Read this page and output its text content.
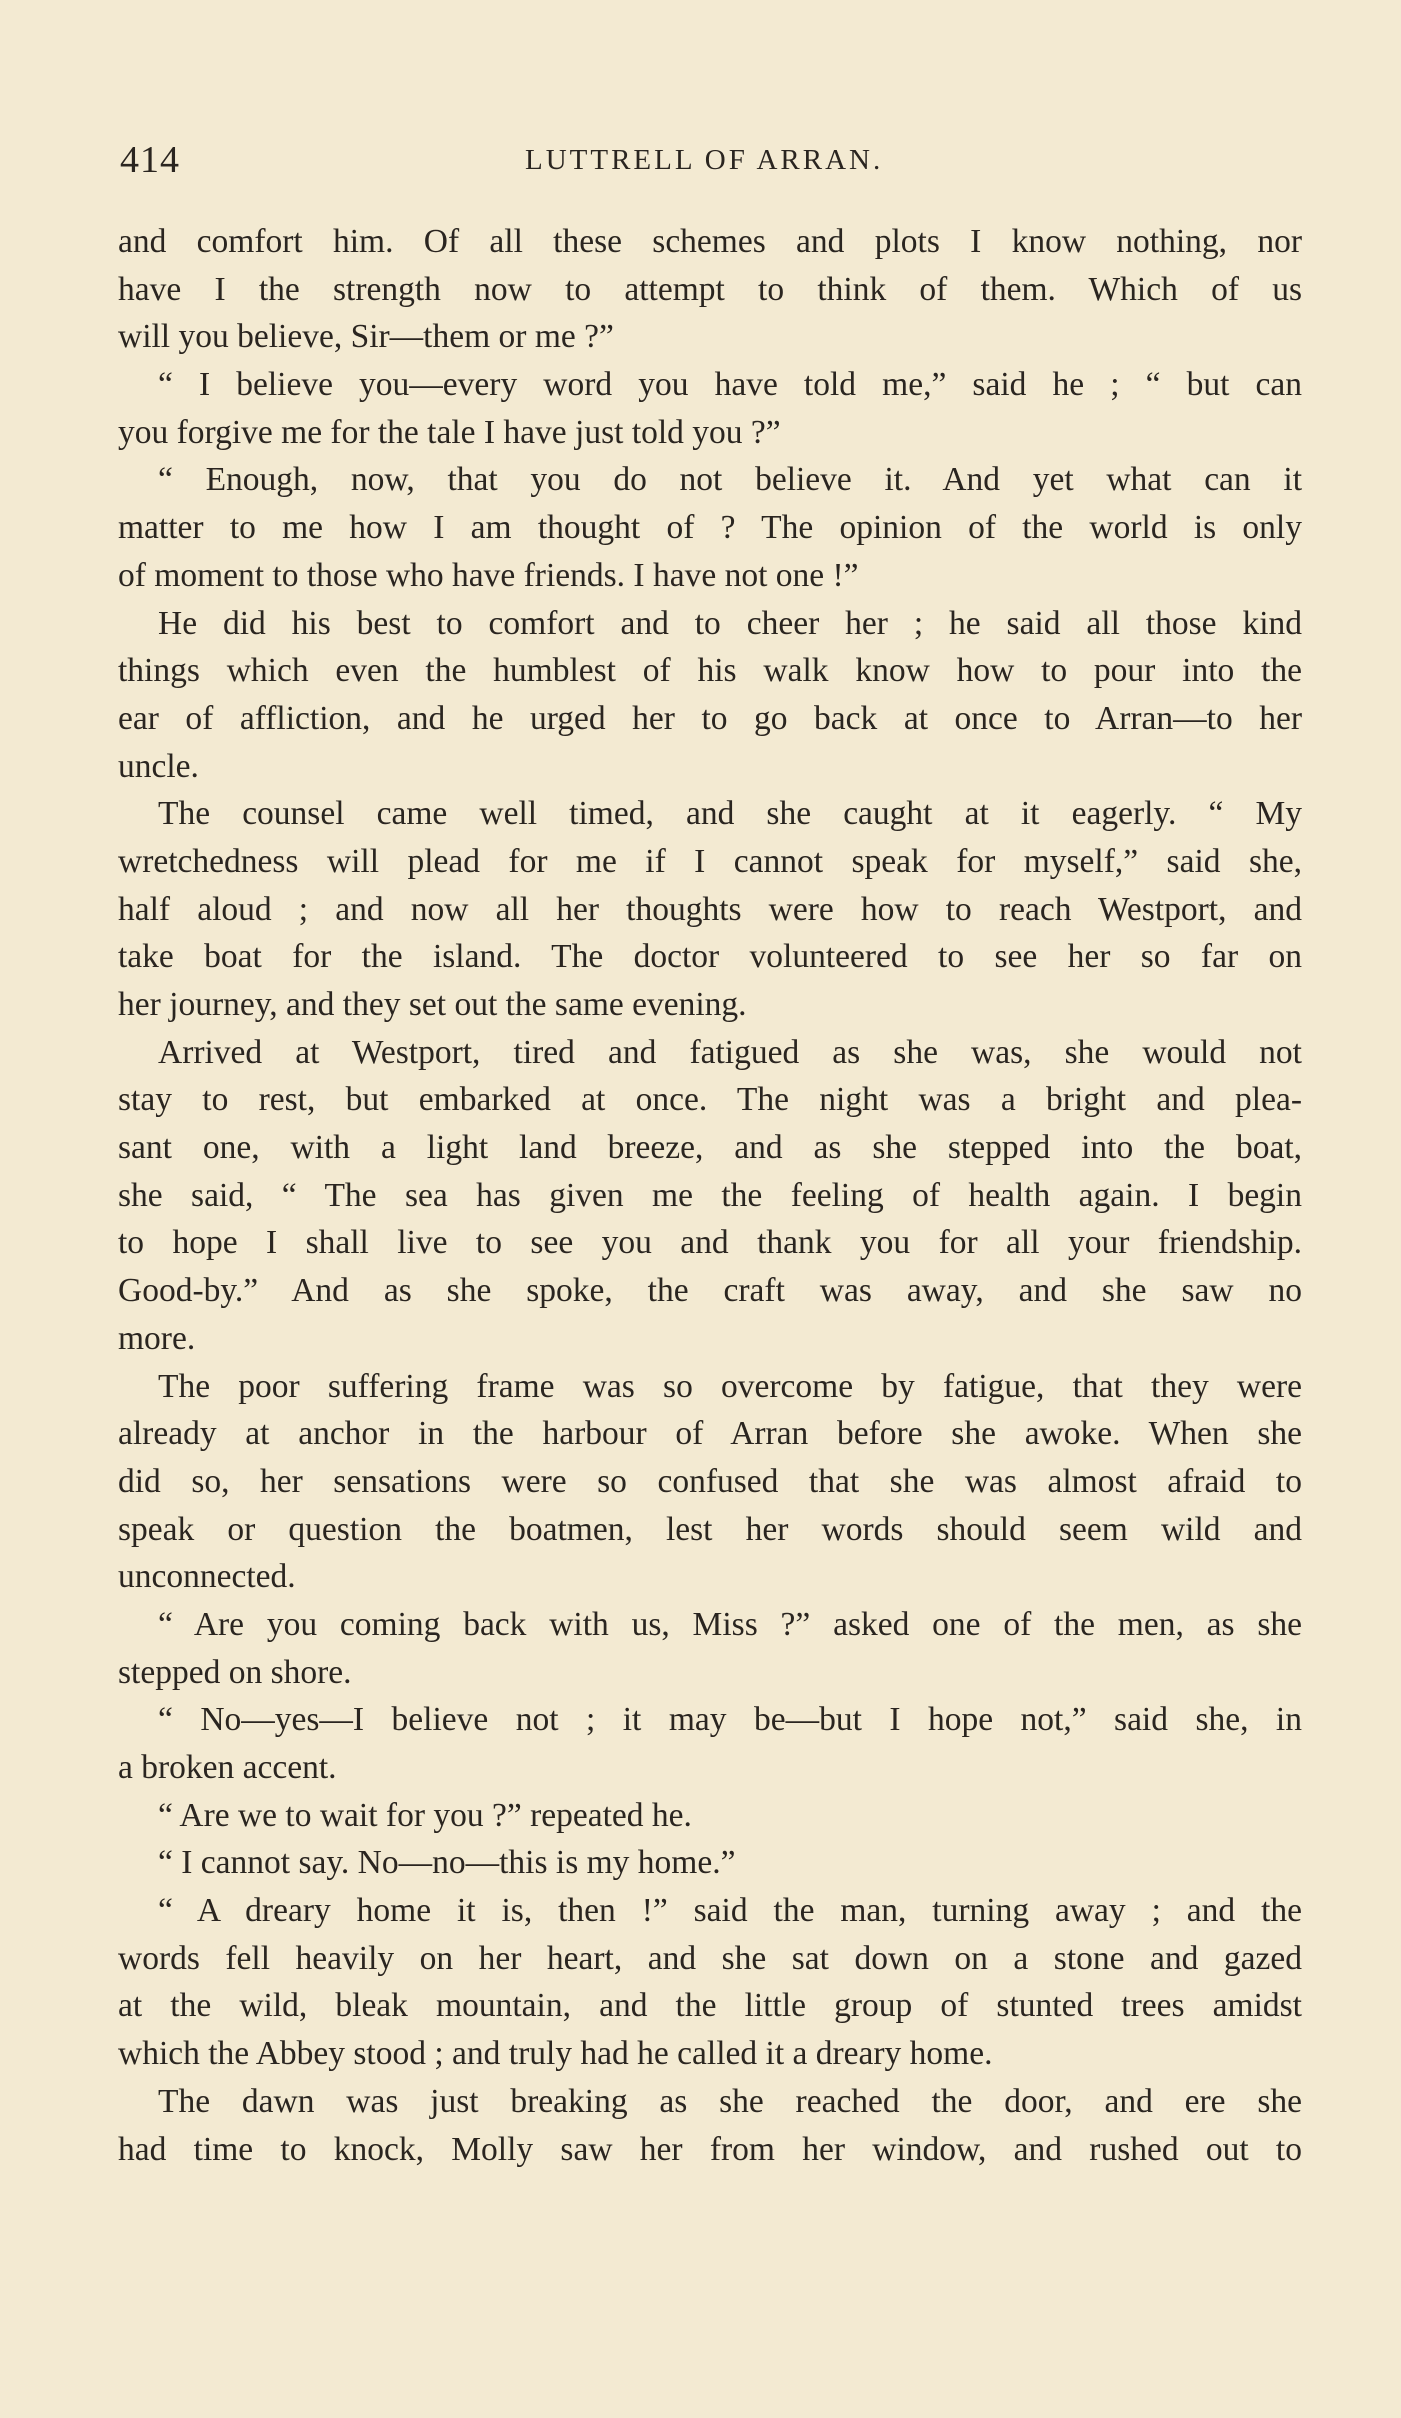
414	LUTTRELL OF ARRAN.
and comfort him. Of all these schemes and plots I know nothing, nor
have I the strength now to attempt to think of them. Which of us
will you believe, Sir—them or me ?”
“ I believe you—every word you have told me,” said he ; “ but can
you forgive me for the tale I have just told you ?”
“ Enough, now, that you do not believe it. And yet what can it
matter to me how I am thought of ? The opinion of the world is only
of moment to those who have friends. I have not one !”
He did his best to comfort and to cheer her ; he said all those kind
things which even the humblest of his walk know how to pour into the
ear of affliction, and he urged her to go back at once to Arran—to her
uncle.
The counsel came well timed, and she caught at it eagerly. “ My
wretchedness will plead for me if I cannot speak for myself,” said she,
half aloud ; and now all her thoughts were how to reach Westport, and
take boat for the island. The doctor volunteered to see her so far on
her journey, and they set out the same evening.
Arrived at Westport, tired and fatigued as she was, she would not
stay to rest, but embarked at once. The night was a bright and plea-
sant one, with a light land breeze, and as she stepped into the boat,
she said, “ The sea has given me the feeling of health again. I begin
to hope I shall live to see you and thank you for all your friendship.
Good-by.” And as she spoke, the craft was away, and she saw no
more.
The poor suffering frame was so overcome by fatigue, that they were
already at anchor in the harbour of Arran before she awoke. When she
did so, her sensations were so confused that she was almost afraid to
speak or question the boatmen, lest her words should seem wild and
unconnected.
“ Are you coming back with us, Miss ?” asked one of the men, as she
stepped on shore.
“ No—yes—I believe not ; it may be—but I hope not,” said she, in
a broken accent.
“ Are we to wait for you ?” repeated he.
“ I cannot say. No—no—this is my home.”
“ A dreary home it is, then !” said the man, turning away ; and the
words fell heavily on her heart, and she sat down on a stone and gazed
at the wild, bleak mountain, and the little group of stunted trees amidst
which the Abbey stood ; and truly had he called it a dreary home.
The dawn was just breaking as she reached the door, and ere she
had time to knock, Molly saw her from her window, and rushed out to
